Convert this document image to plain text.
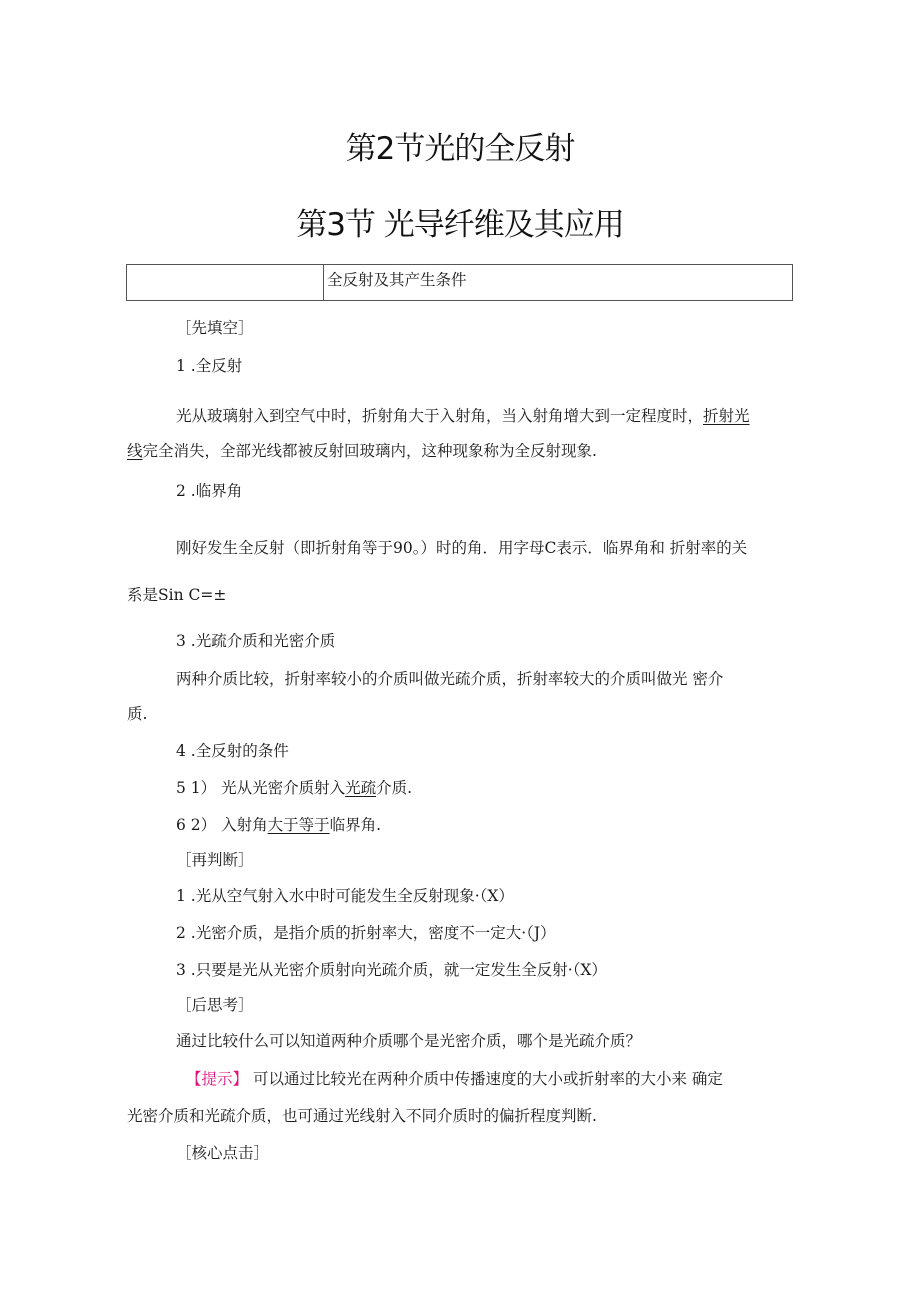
第2节光的全反射
第3节 光导纤维及其应用
全反射及其产生条件
［先填空］
1 .全反射
光从玻璃射入到空气中时，折射角大于入射角，当入射角增大到一定程度时，折射光
线完全消失，全部光线都被反射回玻璃内，这种现象称为全反射现象.
2 .临界角
刚好发生全反射（即折射角等于90。）时的角．用字母C表示．临界角和 折射率的关
系是Sin C=±
3 .光疏介质和光密介质
两种介质比较，折射率较小的介质叫做光疏介质，折射率较大的介质叫做光 密介
质.
4 .全反射的条件
5 1） 光从光密介质射入光疏介质.
6 2） 入射角大于等于临界角.
［再判断］
1 .光从空气射入水中时可能发生全反射现象·（X）
2 .光密介质，是指介质的折射率大，密度不一定大·（J）
3 .只要是光从光密介质射向光疏介质，就一定发生全反射·（X）
［后思考］
通过比较什么可以知道两种介质哪个是光密介质，哪个是光疏介质？
【提示】 可以通过比较光在两种介质中传播速度的大小或折射率的大小来 确定
光密介质和光疏介质，也可通过光线射入不同介质时的偏折程度判断.
［核心点击］
